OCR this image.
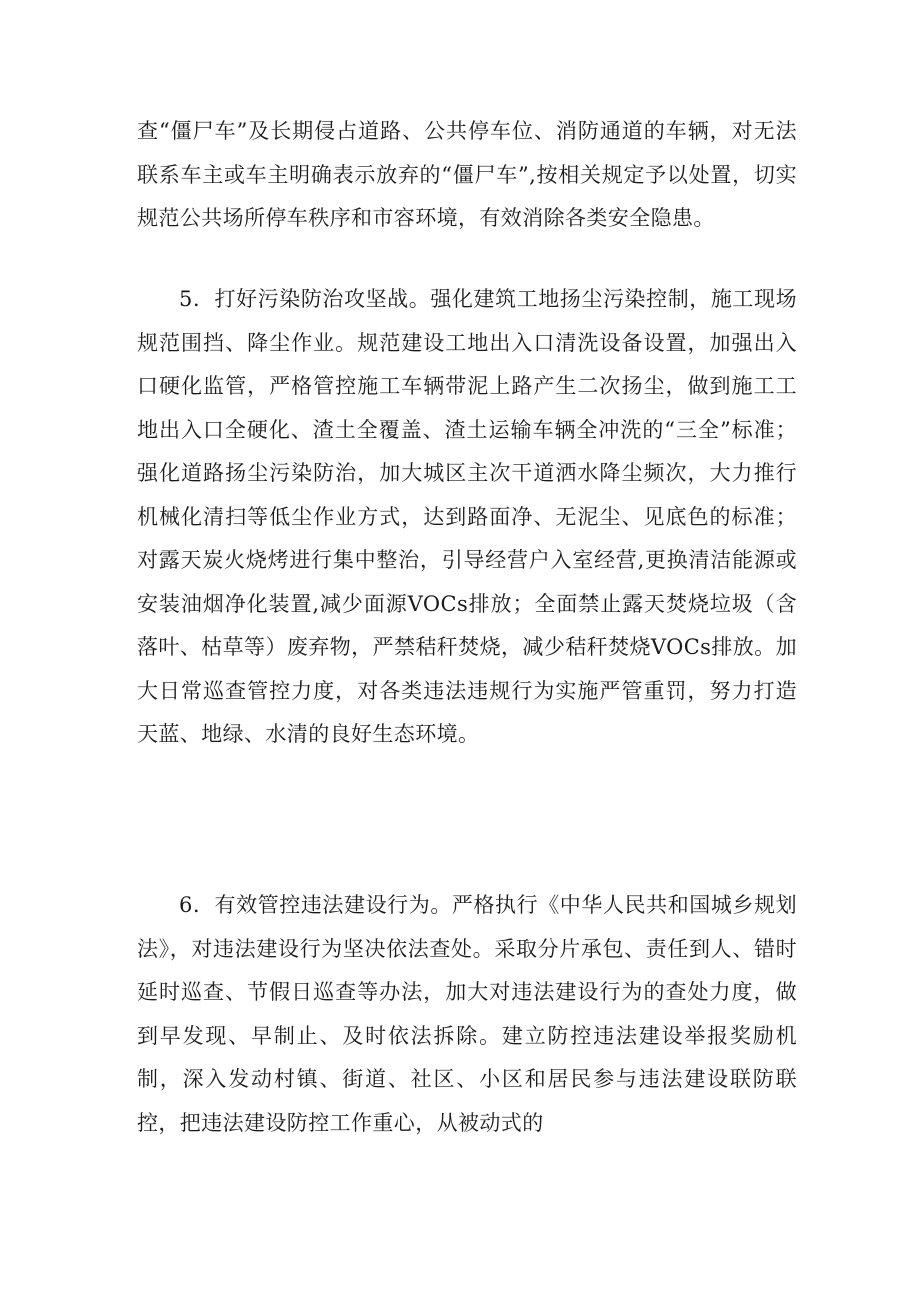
查“僵尸车”及长期侵占道路、公共停车位、消防通道的车辆，对无法联系车主或车主明确表示放弃的“僵尸车”,按相关规定予以处置，切实规范公共场所停车秩序和市容环境，有效消除各类安全隐患。

5．打好污染防治攻坚战。强化建筑工地扬尘污染控制，施工现场规范围挡、降尘作业。规范建设工地出入口清洗设备设置，加强出入口硬化监管，严格管控施工车辆带泥上路产生二次扬尘，做到施工工地出入口全硬化、渣土全覆盖、渣土运输车辆全冲洗的“三全”标准；强化道路扬尘污染防治，加大城区主次干道洒水降尘频次，大力推行机械化清扫等低尘作业方式，达到路面净、无泥尘、见底色的标准；对露天炭火烧烤进行集中整治，引导经营户入室经营,更换清洁能源或安装油烟净化装置,减少面源VOCs排放；全面禁止露天焚烧垃圾（含落叶、枯草等）废弃物，严禁秸秆焚烧，减少秸秆焚烧VOCs排放。加大日常巡查管控力度，对各类违法违规行为实施严管重罚，努力打造天蓝、地绿、水清的良好生态环境。

6．有效管控违法建设行为。严格执行《中华人民共和国城乡规划法》，对违法建设行为坚决依法查处。采取分片承包、责任到人、错时延时巡查、节假日巡查等办法，加大对违法建设行为的查处力度，做到早发现、早制止、及时依法拆除。建立防控违法建设举报奖励机制，深入发动村镇、街道、社区、小区和居民参与违法建设联防联控，把违法建设防控工作重心，从被动式的
